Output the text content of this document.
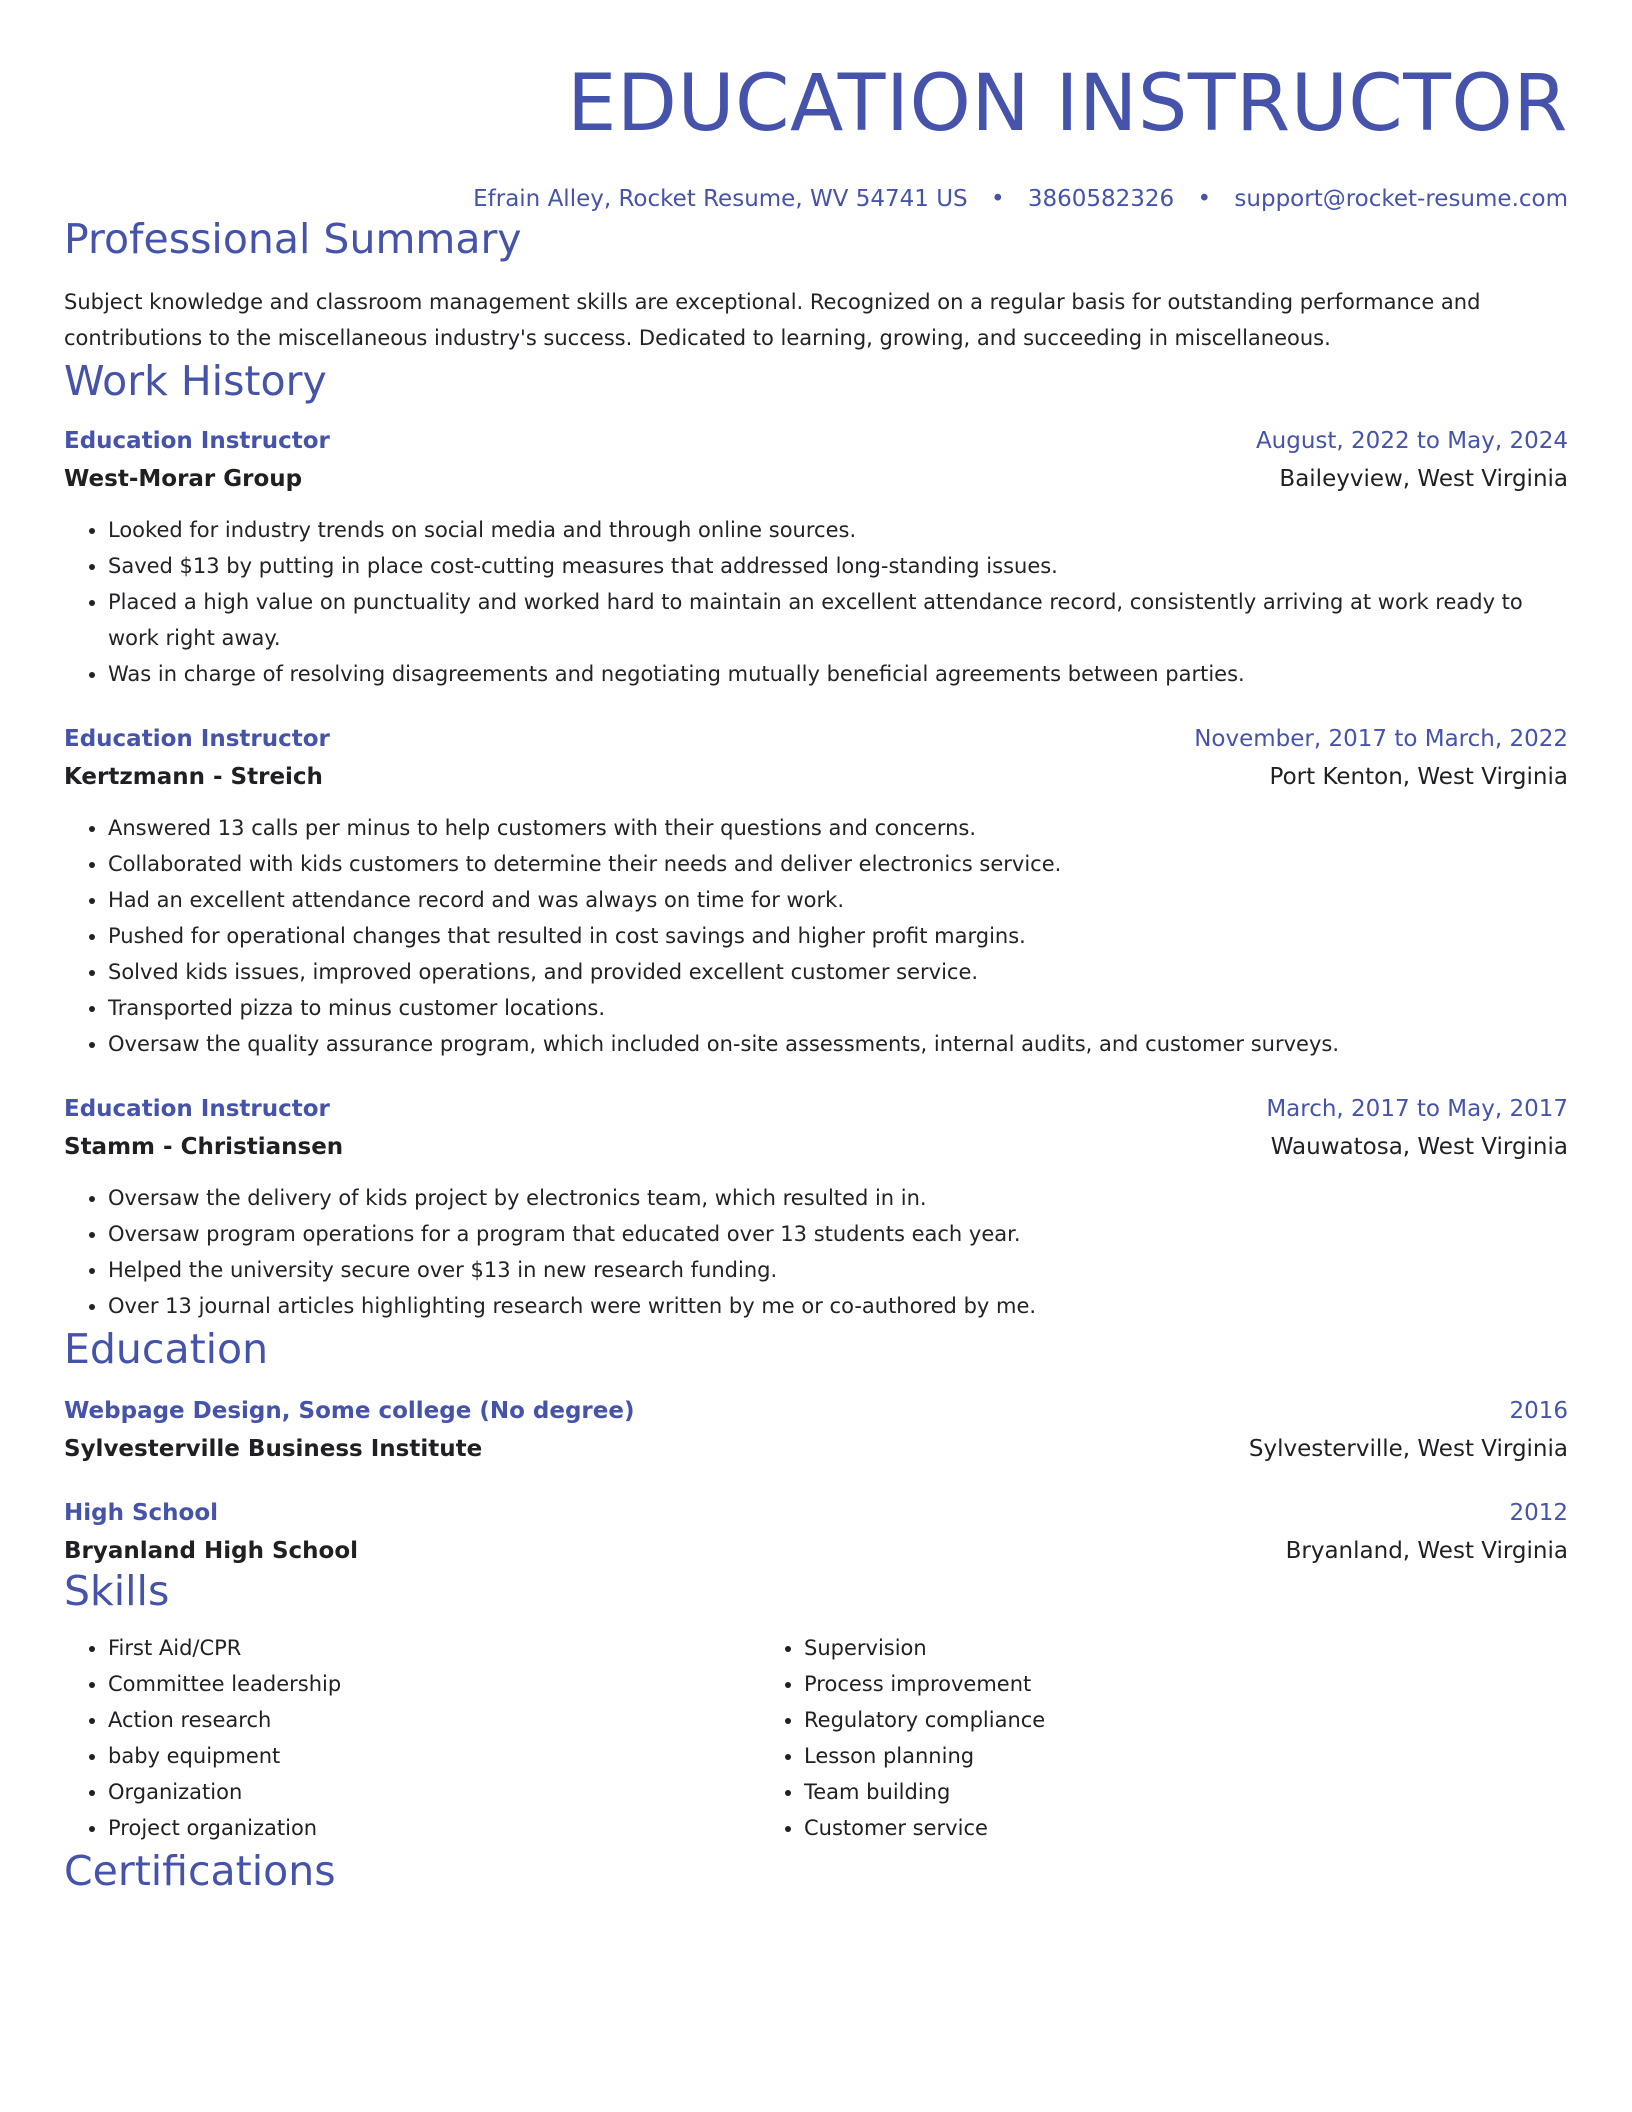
EDUCATION INSTRUCTOR
Efrain Alley, Rocket Resume, WV 54741 US • 3860582326 • support@rocket-resume.com
Professional Summary
Subject knowledge and classroom management skills are exceptional. Recognized on a regular basis for outstanding performance and contributions to the miscellaneous industry's success. Dedicated to learning, growing, and succeeding in miscellaneous.
Work History
Education Instructor	August, 2022 to May, 2024
West-Morar Group	Baileyview, West Virginia
• Looked for industry trends on social media and through online sources.
• Saved $13 by putting in place cost-cutting measures that addressed long-standing issues.
• Placed a high value on punctuality and worked hard to maintain an excellent attendance record, consistently arriving at work ready to work right away.
• Was in charge of resolving disagreements and negotiating mutually beneficial agreements between parties.
Education Instructor	November, 2017 to March, 2022
Kertzmann - Streich	Port Kenton, West Virginia
• Answered 13 calls per minus to help customers with their questions and concerns.
• Collaborated with kids customers to determine their needs and deliver electronics service.
• Had an excellent attendance record and was always on time for work.
• Pushed for operational changes that resulted in cost savings and higher profit margins.
• Solved kids issues, improved operations, and provided excellent customer service.
• Transported pizza to minus customer locations.
• Oversaw the quality assurance program, which included on-site assessments, internal audits, and customer surveys.
Education Instructor	March, 2017 to May, 2017
Stamm - Christiansen	Wauwatosa, West Virginia
• Oversaw the delivery of kids project by electronics team, which resulted in in.
• Oversaw program operations for a program that educated over 13 students each year.
• Helped the university secure over $13 in new research funding.
• Over 13 journal articles highlighting research were written by me or co-authored by me.
Education
Webpage Design, Some college (No degree)	2016
Sylvesterville Business Institute	Sylvesterville, West Virginia
High School	2012
Bryanland High School	Bryanland, West Virginia
Skills
• First Aid/CPR
• Committee leadership
• Action research
• baby equipment
• Organization
• Project organization
• Supervision
• Process improvement
• Regulatory compliance
• Lesson planning
• Team building
• Customer service
Certifications
